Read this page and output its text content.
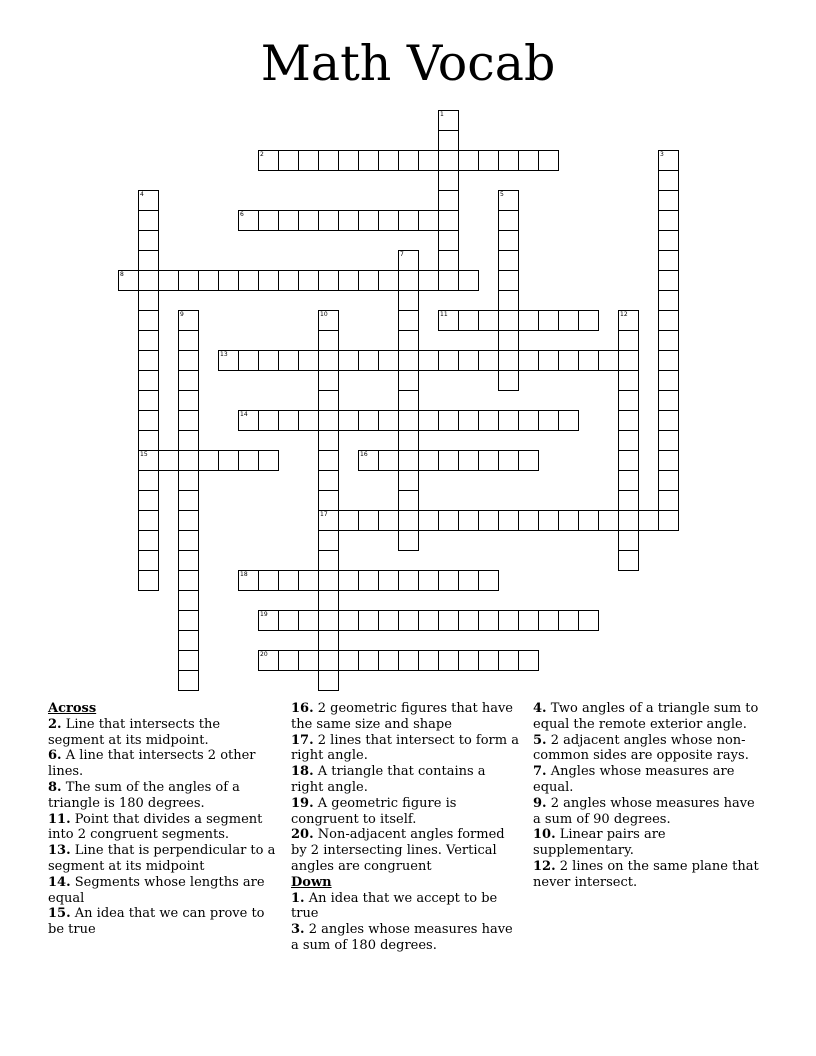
Math Vocab
1
2	3
4
15
5
6
7
8
9	10
17
11	12
13
14
16
18
19
20
Across
2. Line that intersects the segment at its midpoint.
6. A line that intersects 2 other lines.
8. The sum of the angles of a triangle is 180 degrees.
11. Point that divides a segment into 2 congruent segments.
13. Line that is perpendicular to a segment at its midpoint
14. Segments whose lengths are equal
15. An idea that we can prove to be true
16. 2 geometric figures that have the same size and shape
17. 2 lines that intersect to form a right angle.
18. A triangle that contains a right angle.
19. A geometric figure is congruent to itself.
20. Non-adjacent angles formed by 2 intersecting lines. Vertical angles are congruent
Down
1. An idea that we accept to be true
3. 2 angles whose measures have a sum of 180 degrees.
4. Two angles of a triangle sum to equal the remote exterior angle.
5. 2 adjacent angles whose non-common sides are opposite rays.
7. Angles whose measures are equal.
9. 2 angles whose measures have a sum of 90 degrees.
10. Linear pairs are supplementary.
12. 2 lines on the same plane that never intersect.
